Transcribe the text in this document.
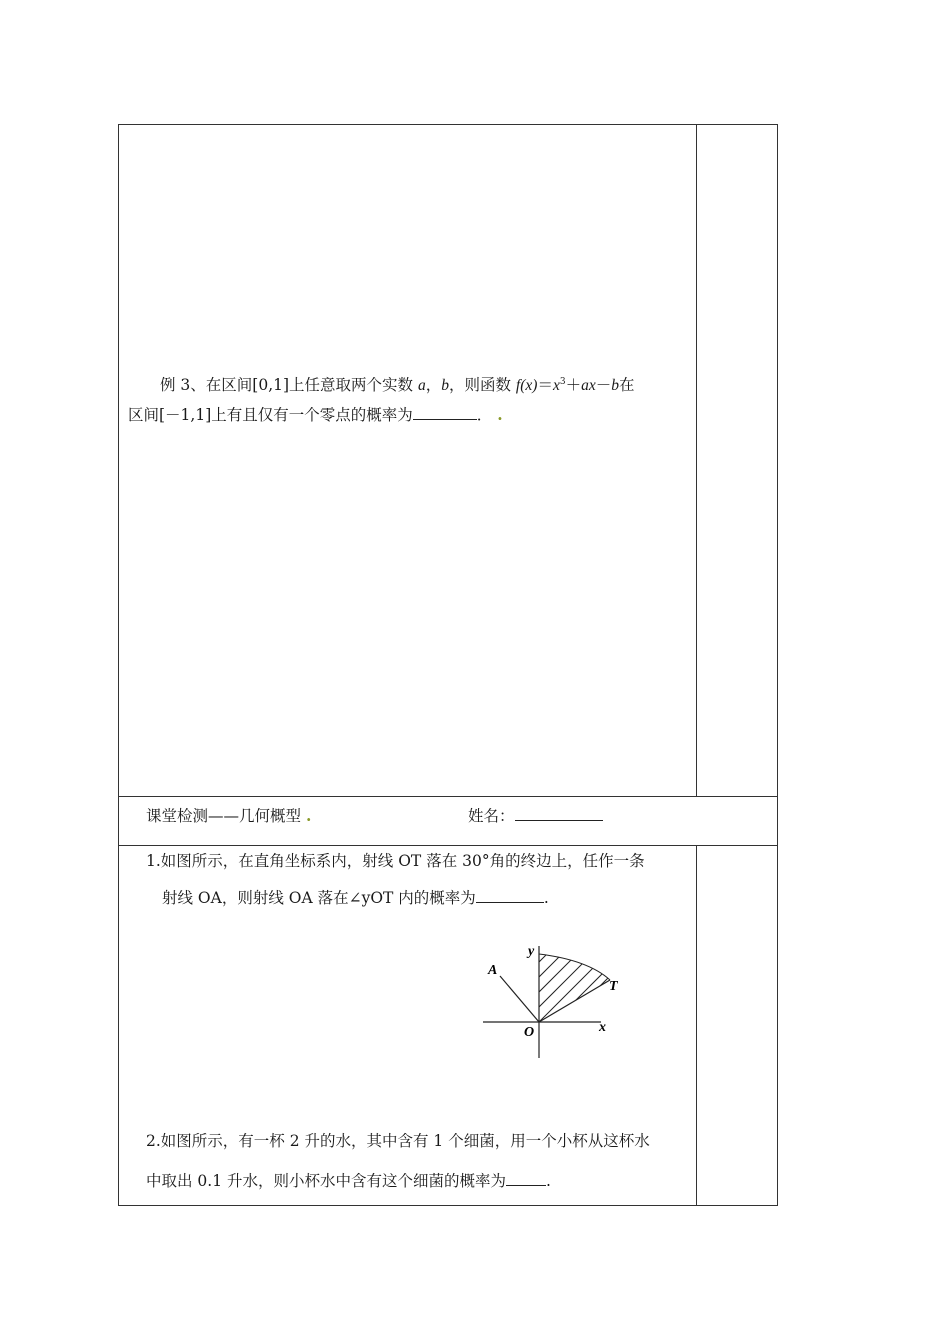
例 3、在区间[0,1]上任意取两个实数 a，b，则函数 $f(x)=x^3+ax-b$在
区间[－1,1]上有且仅有一个零点的概率为	． .
课堂检测——几何概型 .	姓名：
1.如图所示，在直角坐标系内，射线 OT 落在 30°角的终边上，任作一条
射线 OA，则射线 OA 落在∠yOT 内的概率为	.
y
x
A
T
O
2.如图所示，有一杯 2 升的水，其中含有 1 个细菌，用一个小杯从这杯水
中取出 0.1 升水，则小杯水中含有这个细菌的概率为	.
